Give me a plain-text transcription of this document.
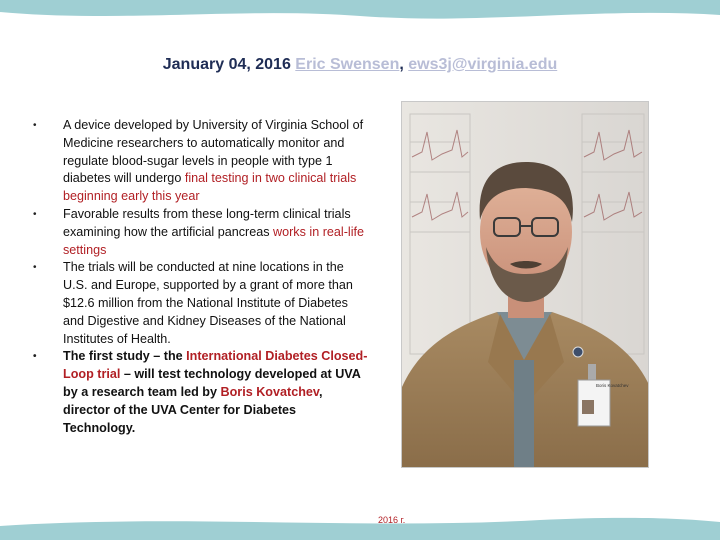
January 04, 2016 Eric Swensen, ews3j@virginia.edu
• A device developed by University of Virginia School of Medicine researchers to automatically monitor and regulate blood-sugar levels in people with type 1 diabetes will undergo final testing in two clinical trials beginning early this year
• Favorable results from these long-term clinical trials examining how the artificial pancreas works in real-life settings
• The trials will be conducted at nine locations in the U.S. and Europe, supported by a grant of more than $12.6 million from the National Institute of Diabetes and Digestive and Kidney Diseases of the National Institutes of Health.
• The first study – the International Diabetes Closed-Loop trial – will test technology developed at UVA by a research team led by Boris Kovatchev, director of the UVA Center for Diabetes Technology.
Boris Kovatchev
2016 г.
